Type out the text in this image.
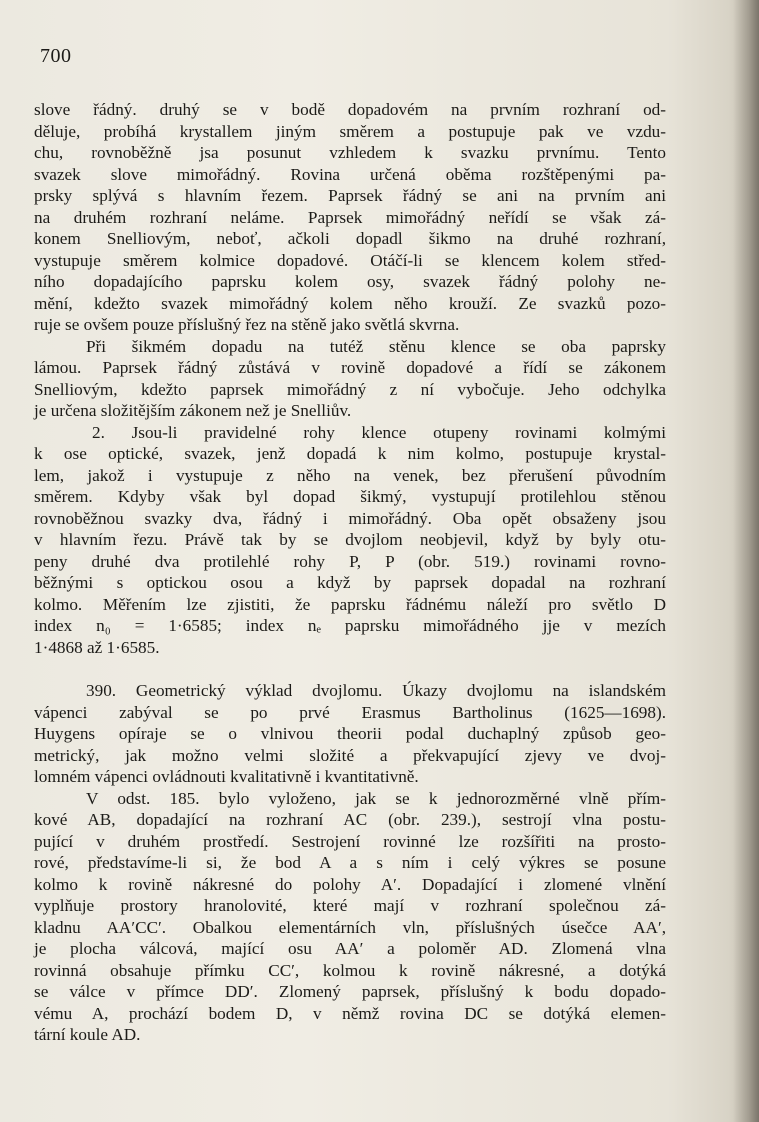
700
slove řádný. druhý se v bodě dopadovém na prvním rozhraní od-
děluje, probíhá krystallem jiným směrem a postupuje pak ve vzdu-
chu, rovnoběžně jsa posunut vzhledem k svazku prvnímu. Tento
svazek slove mimořádný. Rovina určená oběma rozštěpenými pa-
prsky splývá s hlavním řezem. Paprsek řádný se ani na prvním ani
na druhém rozhraní neláme. Paprsek mimořádný neřídí se však zá-
konem Snelliovým, neboť, ačkoli dopadl šikmo na druhé rozhraní,
vystupuje směrem kolmice dopadové. Otáčí-li se klencem kolem střed-
ního dopadajícího paprsku kolem osy, svazek řádný polohy ne-
mění, kdežto svazek mimořádný kolem něho krouží. Ze svazků pozo-
ruje se ovšem pouze příslušný řez na stěně jako světlá skvrna.
Při šikmém dopadu na tutéž stěnu klence se oba paprsky
lámou. Paprsek řádný zůstává v rovině dopadové a řídí se zákonem
Snelliovým, kdežto paprsek mimořádný z ní vybočuje. Jeho odchylka
je určena složitějším zákonem než je Snelliův.
2. Jsou-li pravidelné rohy klence otupeny rovinami kolmými
k ose optické, svazek, jenž dopadá k nim kolmo, postupuje krystal-
lem, jakož i vystupuje z něho na venek, bez přerušení původním
směrem. Kdyby však byl dopad šikmý, vystupují protilehlou stěnou
rovnoběžnou svazky dva, řádný i mimořádný. Oba opět obsaženy jsou
v hlavním řezu. Právě tak by se dvojlom neobjevil, když by byly otu-
peny druhé dva protilehlé rohy P, P (obr. 519.) rovinami rovno-
běžnými s optickou osou a když by paprsek dopadal na rozhraní
kolmo. Měřením lze zjistiti, že paprsku řádnému náleží pro světlo D
index n₀ = 1·6585; index nₑ paprsku mimořádného jje v mezích
1·4868 až 1·6585.
390. Geometrický výklad dvojlomu. Úkazy dvojlomu na islandském
vápenci zabýval se po prvé Erasmus Bartholinus (1625—1698).
Huygens opíraje se o vlnivou theorii podal duchaplný způsob geo-
metrický, jak možno velmi složité a překvapující zjevy ve dvoj-
lomném vápenci ovládnouti kvalitativně i kvantitativně.
V odst. 185. bylo vyloženo, jak se k jednorozměrné vlně přím-
kové AB, dopadající na rozhraní AC (obr. 239.), sestrojí vlna postu-
pující v druhém prostředí. Sestrojení rovinné lze rozšířiti na prosto-
rové, představíme-li si, že bod A a s ním i celý výkres se posune
kolmo k rovině nákresné do polohy A′. Dopadající i zlomené vlnění
vyplňuje prostory hranolovité, které mají v rozhraní společnou zá-
kladnu AA′CC′. Obalkou elementárních vln, příslušných úsečce AA′,
je plocha válcová, mající osu AA′ a poloměr AD. Zlomená vlna
rovinná obsahuje přímku CC′, kolmou k rovině nákresné, a dotýká
se válce v přímce DD′. Zlomený paprsek, příslušný k bodu dopado-
vému A, prochází bodem D, v němž rovina DC se dotýká elemen-
tární koule AD.
